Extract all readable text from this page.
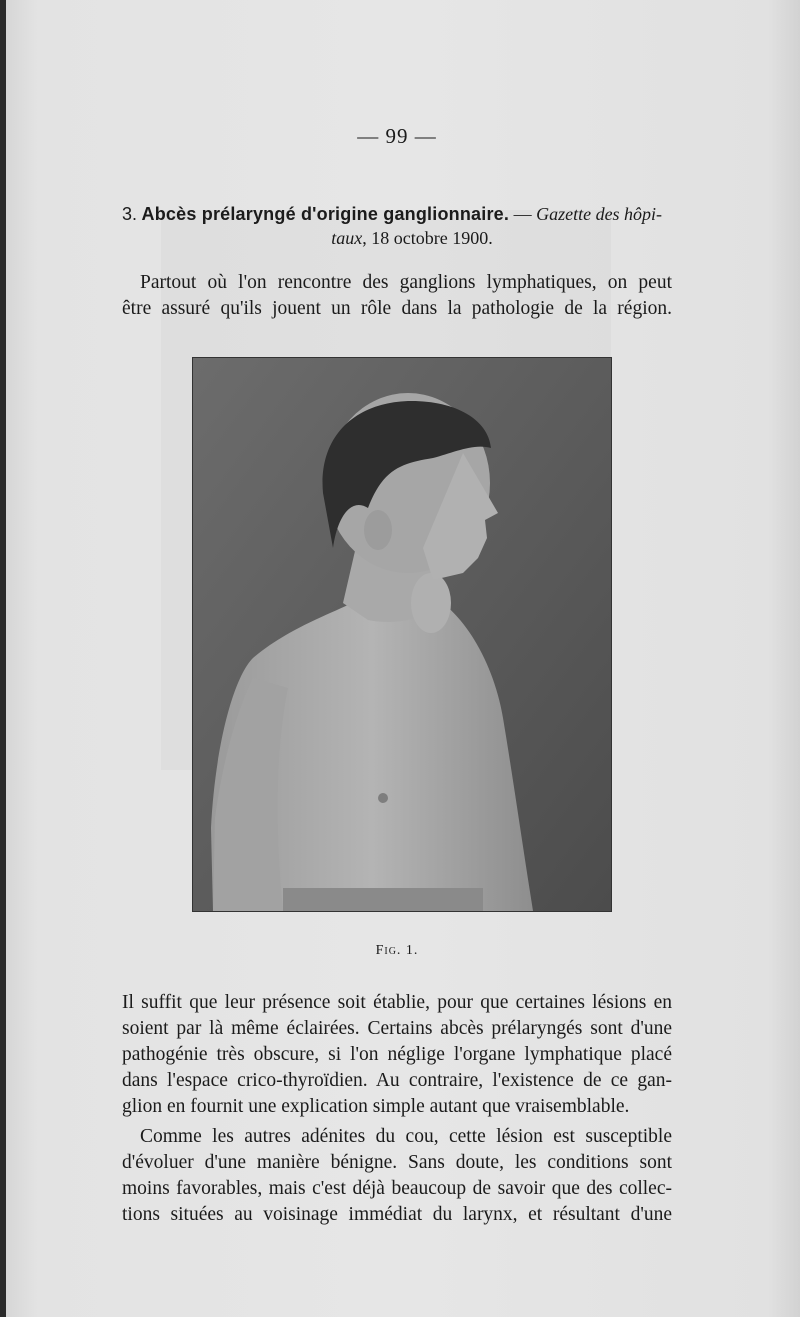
— 99 —
3. Abcès prélaryngé d'origine ganglionnaire. — Gazette des hôpi-
taux, 18 octobre 1900.
Partout où l'on rencontre des ganglions lymphatiques, on peut
être assuré qu'ils jouent un rôle dans la pathologie de la région.
Fig. 1.
Il suffit que leur présence soit établie, pour que certaines lésions en
soient par là même éclairées. Certains abcès prélaryngés sont d'une
pathogénie très obscure, si l'on néglige l'organe lymphatique placé
dans l'espace crico-thyroïdien. Au contraire, l'existence de ce gan-
glion en fournit une explication simple autant que vraisemblable.
Comme les autres adénites du cou, cette lésion est susceptible
d'évoluer d'une manière bénigne. Sans doute, les conditions sont
moins favorables, mais c'est déjà beaucoup de savoir que des collec-
tions situées au voisinage immédiat du larynx, et résultant d'une
